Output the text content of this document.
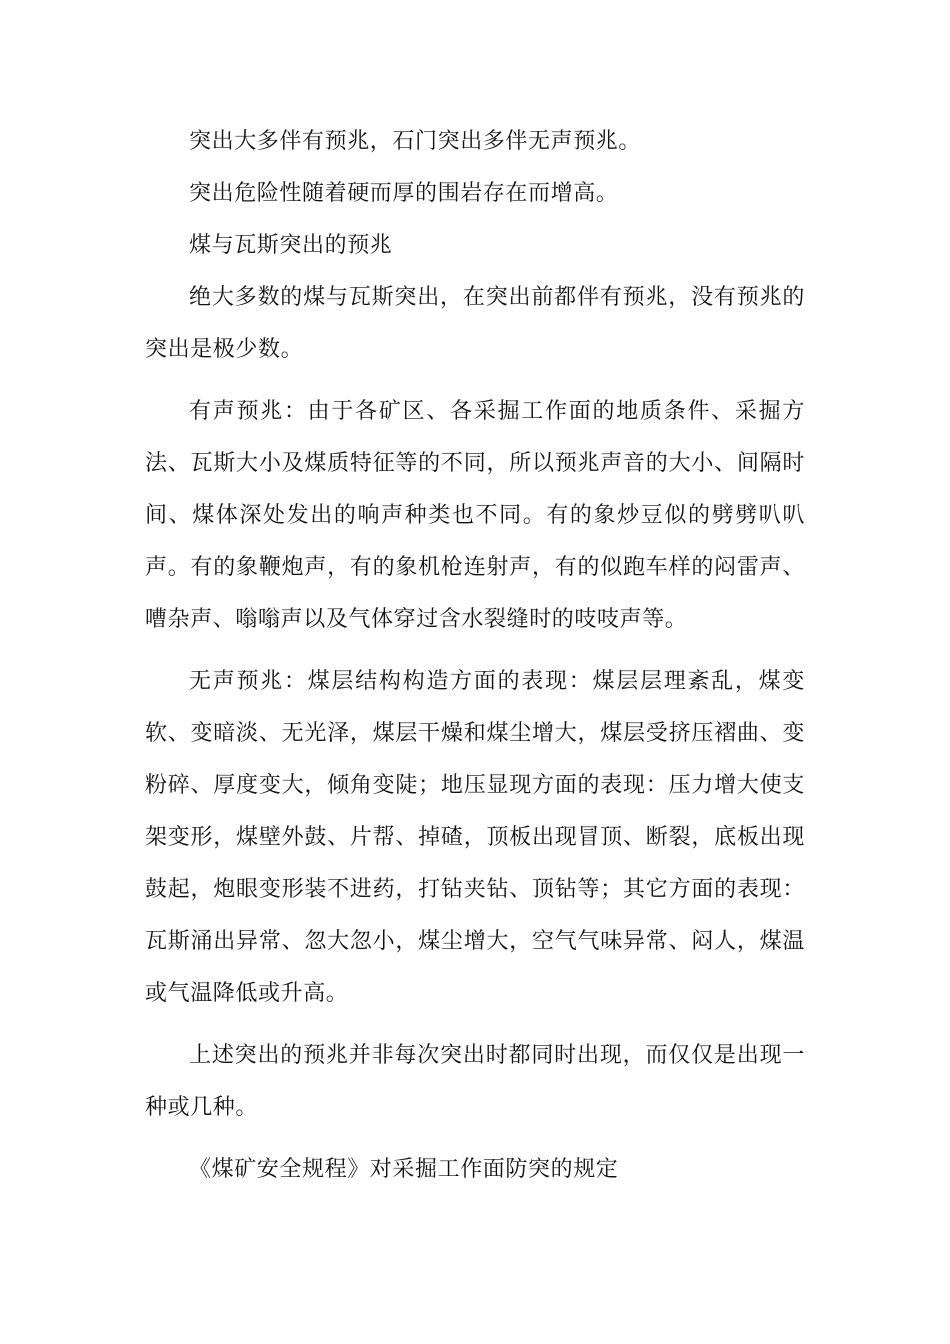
突出大多伴有预兆，石门突出多伴无声预兆。

突出危险性随着硬而厚的围岩存在而增高。

煤与瓦斯突出的预兆

绝大多数的煤与瓦斯突出，在突出前都伴有预兆，没有预兆的突出是极少数。

有声预兆：由于各矿区、各采掘工作面的地质条件、采掘方法、瓦斯大小及煤质特征等的不同，所以预兆声音的大小、间隔时间、煤体深处发出的响声种类也不同。有的象炒豆似的劈劈叭叭声。有的象鞭炮声，有的象机枪连射声，有的似跑车样的闷雷声、嘈杂声、嗡嗡声以及气体穿过含水裂缝时的吱吱声等。

无声预兆：煤层结构构造方面的表现：煤层层理紊乱，煤变软、变暗淡、无光泽，煤层干燥和煤尘增大，煤层受挤压褶曲、变粉碎、厚度变大，倾角变陡；地压显现方面的表现：压力增大使支架变形，煤壁外鼓、片帮、掉碴，顶板出现冒顶、断裂，底板出现鼓起，炮眼变形装不进药，打钻夹钻、顶钻等；其它方面的表现：瓦斯涌出异常、忽大忽小，煤尘增大，空气气味异常、闷人，煤温或气温降低或升高。

上述突出的预兆并非每次突出时都同时出现，而仅仅是出现一种或几种。

《煤矿安全规程》对采掘工作面防突的规定
